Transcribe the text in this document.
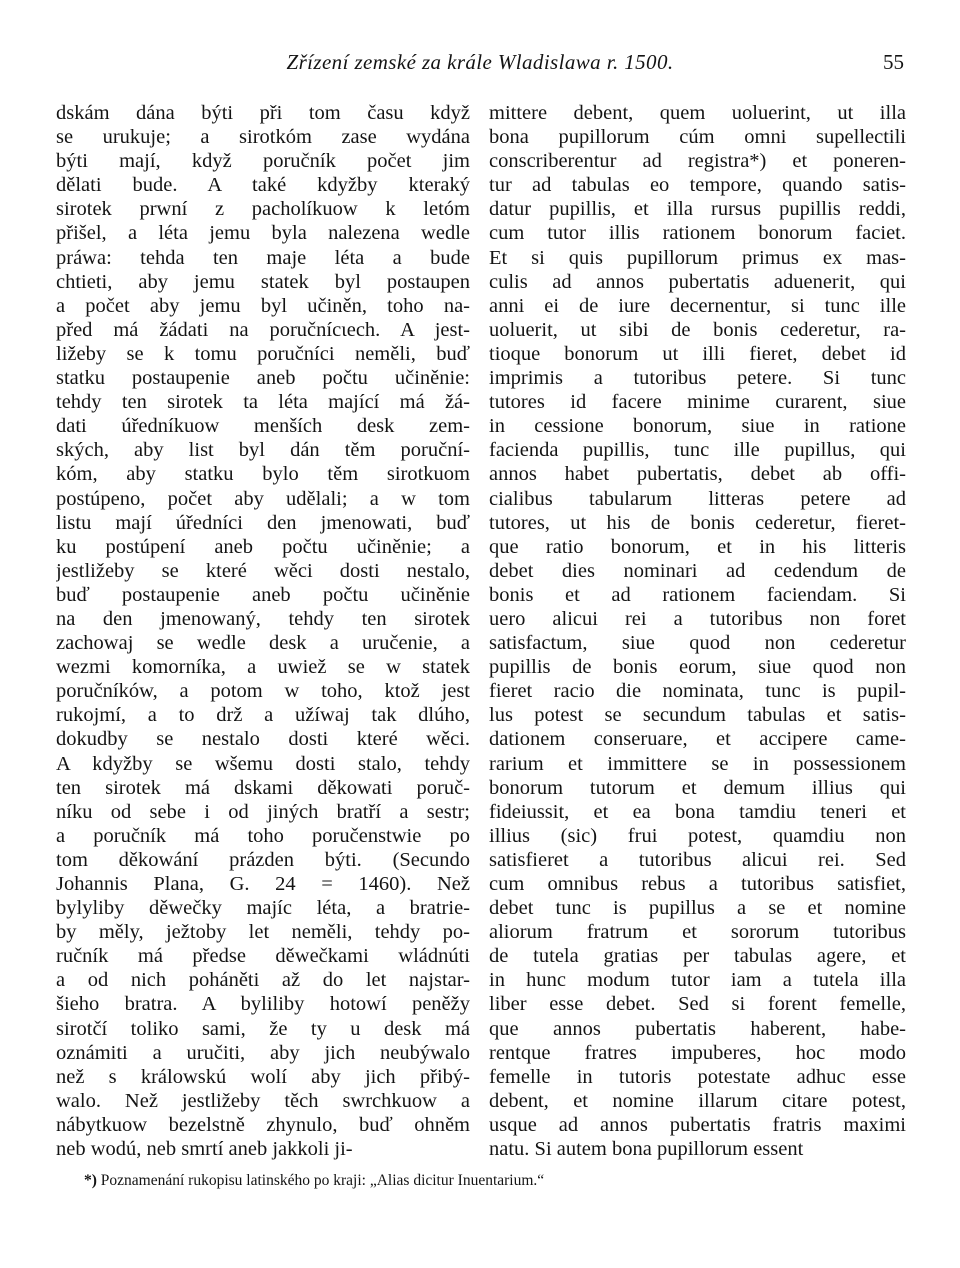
Zřízení zemské za krále Wladislawa r. 1500.	55
dskám dána býti při tom času když
se urukuje; a sirotkóm zase wydána
býti mají, když poručník počet jim
dělati bude. A také kdyžby kteraký
sirotek prwní z pacholíkuow k letóm
přišel, a léta jemu byla nalezena wedle
práwa: tehda ten maje léta a bude
chtieti, aby jemu statek byl postaupen
a počet aby jemu byl učiněn, toho na-
před má žádati na poručnícιech. A jest-
ližeby se k tomu poručníci neměli, buď
statku postaupenie aneb počtu učiněnie:
tehdy ten sirotek ta léta mající má žá-
dati úředníkuow menších desk zem-
ských, aby list byl dán těm poruční-
kóm, aby statku bylo těm sirotkuom
postúpeno, počet aby udělali; a w tom
listu mají úředníci den jmenowati, buď
ku postúpení aneb počtu učiněnie; a
jestližeby se které wěci dosti nestalo,
buď postaupenie aneb počtu učiněnie
na den jmenowaný, tehdy ten sirotek
zachowaj se wedle desk a uručenie, a
wezmi komorníka, a uwiež se w statek
poručníków, a potom w toho, ktož jest
rukojmí, a to drž a užíwaj tak dlúho,
dokudby se nestalo dosti které wěci.
A kdyžby se wšemu dosti stalo, tehdy
ten sirotek má dskami děkowati poruč-
níku od sebe i od jiných bratří a sestr;
a poručník má toho poručenstwie po
tom děkowání prázden býti. (Secundo
Johannis Plana, G. 24 = 1460). Než
bylyliby děwečky majíc léta, a bratrie-
by měly, ježtoby let neměli, tehdy po-
ručník má předse děwečkami wládnúti
a od nich poháněti až do let najstar-
šieho bratra. A byliliby hotowí peněžy
sirotčí toliko sami, že ty u desk má
oznámiti a uručiti, aby jich neubýwalo
než s králowskú wolí aby jich přibý-
walo. Než jestližeby těch swrchkuow a
nábytkuow bezelstně zhynulo, buď ohněm
neb wodú, neb smrtí aneb jakkoli ji-
mittere debent, quem uoluerint, ut illa
bona pupillorum cúm omni supellectili
conscriberentur ad registra*) et poneren-
tur ad tabulas eo tempore, quando satis-
datur pupillis, et illa rursus pupillis reddi,
cum tutor illis rationem bonorum faciet.
Et si quis pupillorum primus ex mas-
culis ad annos pubertatis aduenerit, qui
anni ei de iure decernentur, si tunc ille
uoluerit, ut sibi de bonis cederetur, ra-
tioque bonorum ut illi fieret, debet id
imprimis a tutoribus petere. Si tunc
tutores id facere minime curarent, siue
in cessione bonorum, siue in ratione
facienda pupillis, tunc ille pupillus, qui
annos habet pubertatis, debet ab offi-
cialibus tabularum litteras petere ad
tutores, ut his de bonis cederetur, fieret-
que ratio bonorum, et in his litteris
debet dies nominari ad cedendum de
bonis et ad rationem faciendam. Si
uero alicui rei a tutoribus non foret
satisfactum, siue quod non cederetur
pupillis de bonis eorum, siue quod non
fieret racio die nominata, tunc is pupil-
lus potest se secundum tabulas et satis-
dationem conseruare, et accipere came-
rarium et immittere se in possessionem
bonorum tutorum et demum illius qui
fideiussit, et ea bona tamdiu teneri et
illius (sic) frui potest, quamdiu non
satisfieret a tutoribus alicui rei. Sed
cum omnibus rebus a tutoribus satisfiet,
debet tunc is pupillus a se et nomine
aliorum fratrum et sororum tutoribus
de tutela gratias per tabulas agere, et
in hunc modum tutor iam a tutela illa
liber esse debet. Sed si forent femelle,
que annos pubertatis haberent, habe-
rentque fratres impuberes, hoc modo
femelle in tutoris potestate adhuc esse
debent, et nomine illarum citare potest,
usque ad annos pubertatis fratris maximi
natu. Si autem bona pupillorum essent
*) Poznamenání rukopisu latinského po kraji: „Alias dicitur Inuentarium.“
